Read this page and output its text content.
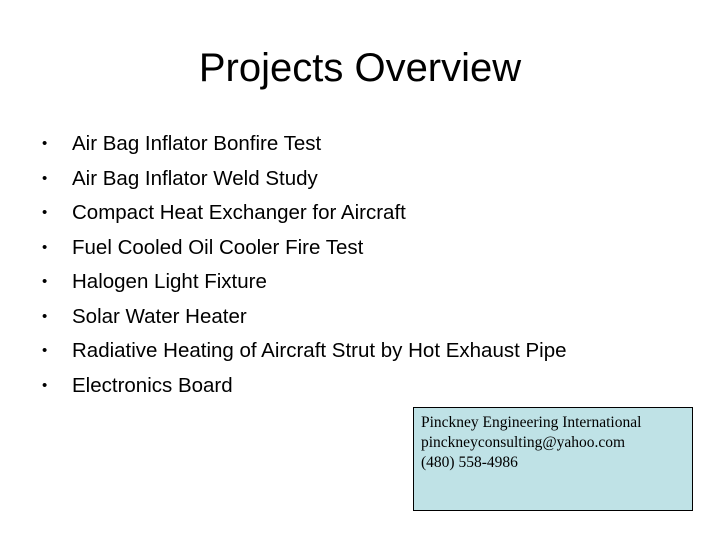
Projects Overview
• Air Bag Inflator Bonfire Test
• Air Bag Inflator Weld Study
• Compact Heat Exchanger for Aircraft
• Fuel Cooled Oil Cooler Fire Test
• Halogen Light Fixture
• Solar Water Heater
• Radiative Heating of Aircraft Strut by Hot Exhaust Pipe
• Electronics Board
Pinckney Engineering International
pinckneyconsulting@yahoo.com
(480) 558-4986
